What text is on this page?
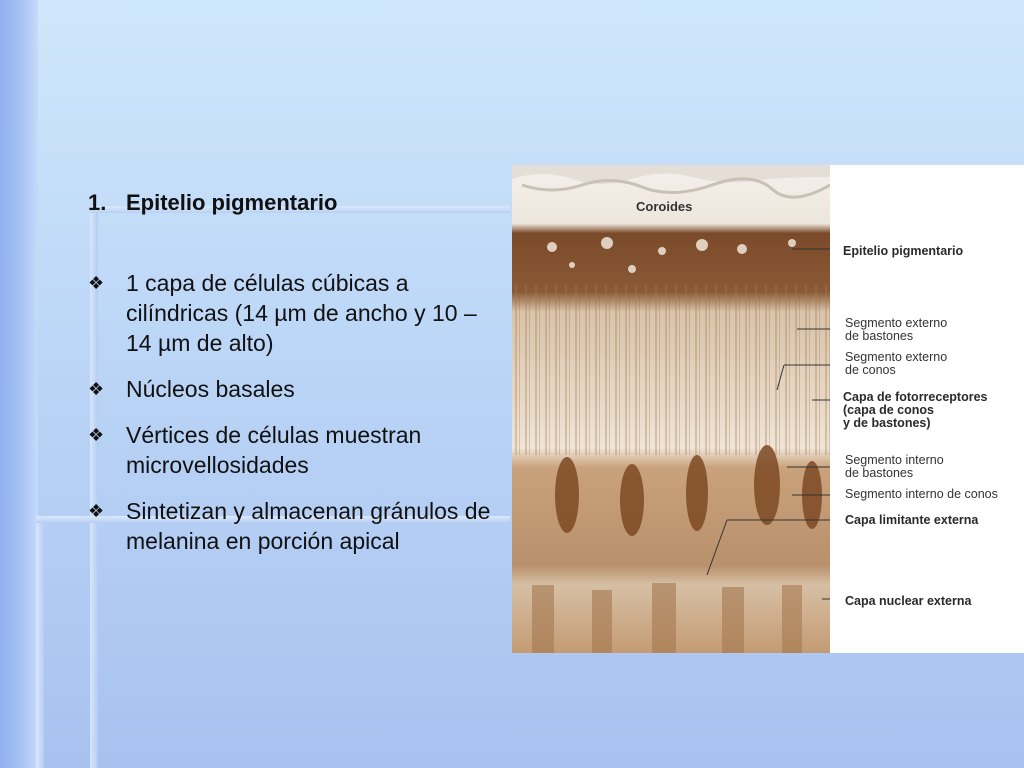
1. Epitelio pigmentario
❖ 1 capa de células cúbicas a cilíndricas (14 µm de ancho y 10 – 14 µm de alto)
❖ Núcleos basales
❖ Vértices de células muestran microvellosidades
❖ Sintetizan y almacenan gránulos de melanina en porción apical
Coroides
Epitelio pigmentario
Segmento externo
de bastones
Segmento externo
de conos
Capa de fotorreceptores
(capa de conos
y de bastones)
Segmento interno
de bastones
Segmento interno de conos
Capa limitante externa
Capa nuclear externa
